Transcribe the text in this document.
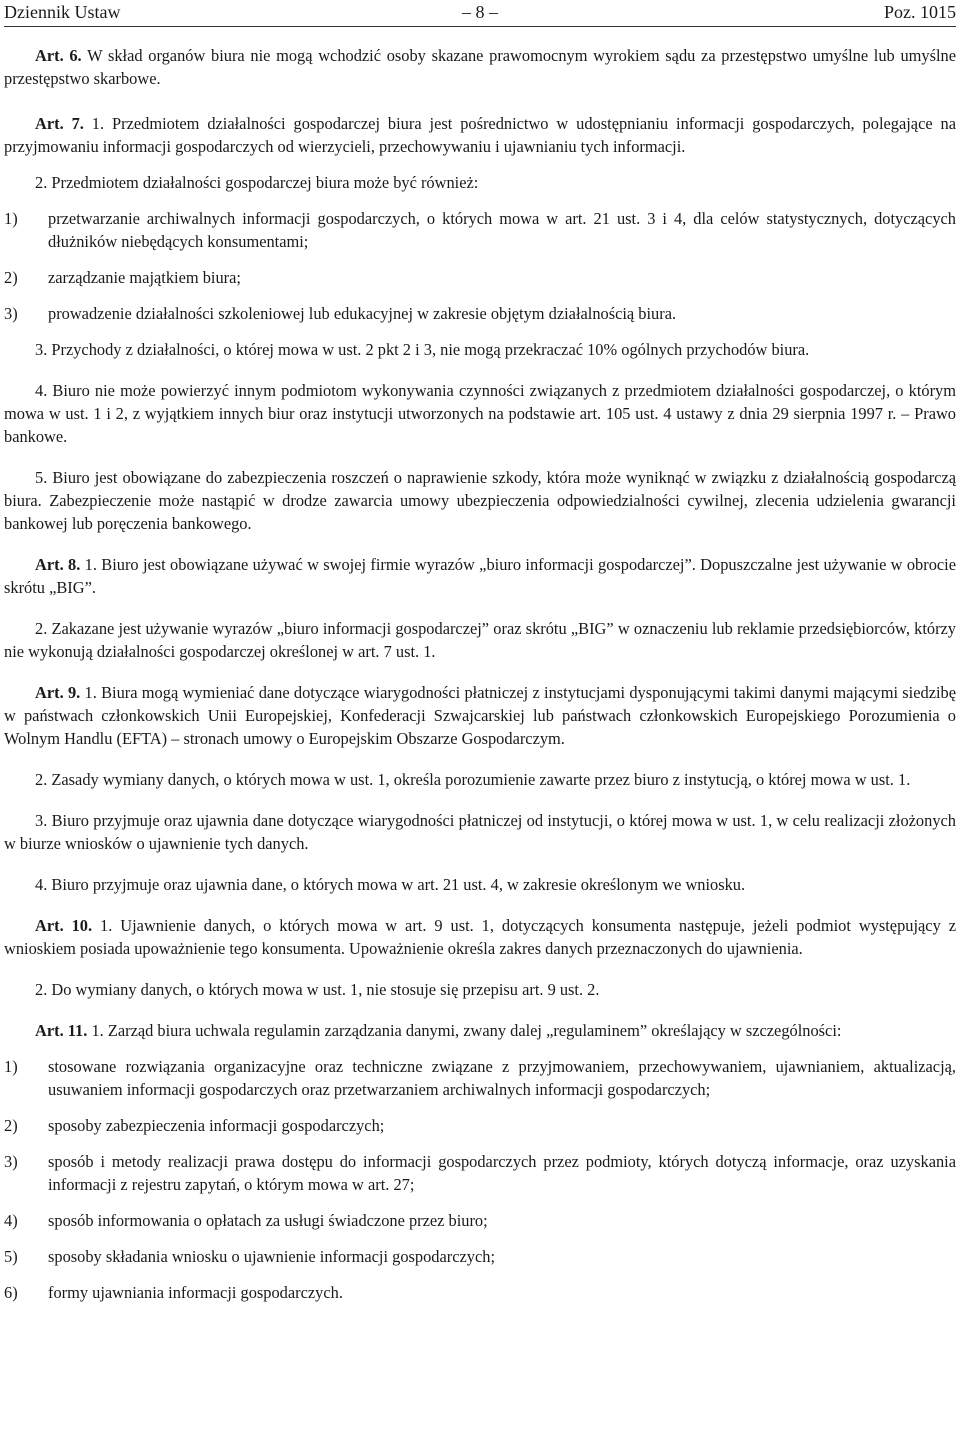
Dziennik Ustaw	– 8 –	Poz. 1015

Art. 6. W skład organów biura nie mogą wchodzić osoby skazane prawomocnym wyrokiem sądu za przestępstwo umyślne lub umyślne przestępstwo skarbowe.

Art. 7. 1. Przedmiotem działalności gospodarczej biura jest pośrednictwo w udostępnianiu informacji gospodarczych, polegające na przyjmowaniu informacji gospodarczych od wierzycieli, przechowywaniu i ujawnianiu tych informacji.

2. Przedmiotem działalności gospodarczej biura może być również:

1)	przetwarzanie archiwalnych informacji gospodarczych, o których mowa w art. 21 ust. 3 i 4, dla celów statystycznych, dotyczących dłużników niebędących konsumentami;
2)	zarządzanie majątkiem biura;
3)	prowadzenie działalności szkoleniowej lub edukacyjnej w zakresie objętym działalnością biura.

3. Przychody z działalności, o której mowa w ust. 2 pkt 2 i 3, nie mogą przekraczać 10% ogólnych przychodów biura.

4. Biuro nie może powierzyć innym podmiotom wykonywania czynności związanych z przedmiotem działalności gospodarczej, o którym mowa w ust. 1 i 2, z wyjątkiem innych biur oraz instytucji utworzonych na podstawie art. 105 ust. 4 ustawy z dnia 29 sierpnia 1997 r. – Prawo bankowe.

5. Biuro jest obowiązane do zabezpieczenia roszczeń o naprawienie szkody, która może wyniknąć w związku z działalnością gospodarczą biura. Zabezpieczenie może nastąpić w drodze zawarcia umowy ubezpieczenia odpowiedzialności cywilnej, zlecenia udzielenia gwarancji bankowej lub poręczenia bankowego.

Art. 8. 1. Biuro jest obowiązane używać w swojej firmie wyrazów „biuro informacji gospodarczej”. Dopuszczalne jest używanie w obrocie skrótu „BIG”.

2. Zakazane jest używanie wyrazów „biuro informacji gospodarczej” oraz skrótu „BIG” w oznaczeniu lub reklamie przedsiębiorców, którzy nie wykonują działalności gospodarczej określonej w art. 7 ust. 1.

Art. 9. 1. Biura mogą wymieniać dane dotyczące wiarygodności płatniczej z instytucjami dysponującymi takimi danymi mającymi siedzibę w państwach członkowskich Unii Europejskiej, Konfederacji Szwajcarskiej lub państwach członkowskich Europejskiego Porozumienia o Wolnym Handlu (EFTA) – stronach umowy o Europejskim Obszarze Gospodarczym.

2. Zasady wymiany danych, o których mowa w ust. 1, określa porozumienie zawarte przez biuro z instytucją, o której mowa w ust. 1.

3. Biuro przyjmuje oraz ujawnia dane dotyczące wiarygodności płatniczej od instytucji, o której mowa w ust. 1, w celu realizacji złożonych w biurze wniosków o ujawnienie tych danych.

4. Biuro przyjmuje oraz ujawnia dane, o których mowa w art. 21 ust. 4, w zakresie określonym we wniosku.

Art. 10. 1. Ujawnienie danych, o których mowa w art. 9 ust. 1, dotyczących konsumenta następuje, jeżeli podmiot występujący z wnioskiem posiada upoważnienie tego konsumenta. Upoważnienie określa zakres danych przeznaczonych do ujawnienia.

2. Do wymiany danych, o których mowa w ust. 1, nie stosuje się przepisu art. 9 ust. 2.

Art. 11. 1. Zarząd biura uchwala regulamin zarządzania danymi, zwany dalej „regulaminem” określający w szczególności:

1)	stosowane rozwiązania organizacyjne oraz techniczne związane z przyjmowaniem, przechowywaniem, ujawnianiem, aktualizacją, usuwaniem informacji gospodarczych oraz przetwarzaniem archiwalnych informacji gospodarczych;
2)	sposoby zabezpieczenia informacji gospodarczych;
3)	sposób i metody realizacji prawa dostępu do informacji gospodarczych przez podmioty, których dotyczą informacje, oraz uzyskania informacji z rejestru zapytań, o którym mowa w art. 27;
4)	sposób informowania o opłatach za usługi świadczone przez biuro;
5)	sposoby składania wniosku o ujawnienie informacji gospodarczych;
6)	formy ujawniania informacji gospodarczych.
